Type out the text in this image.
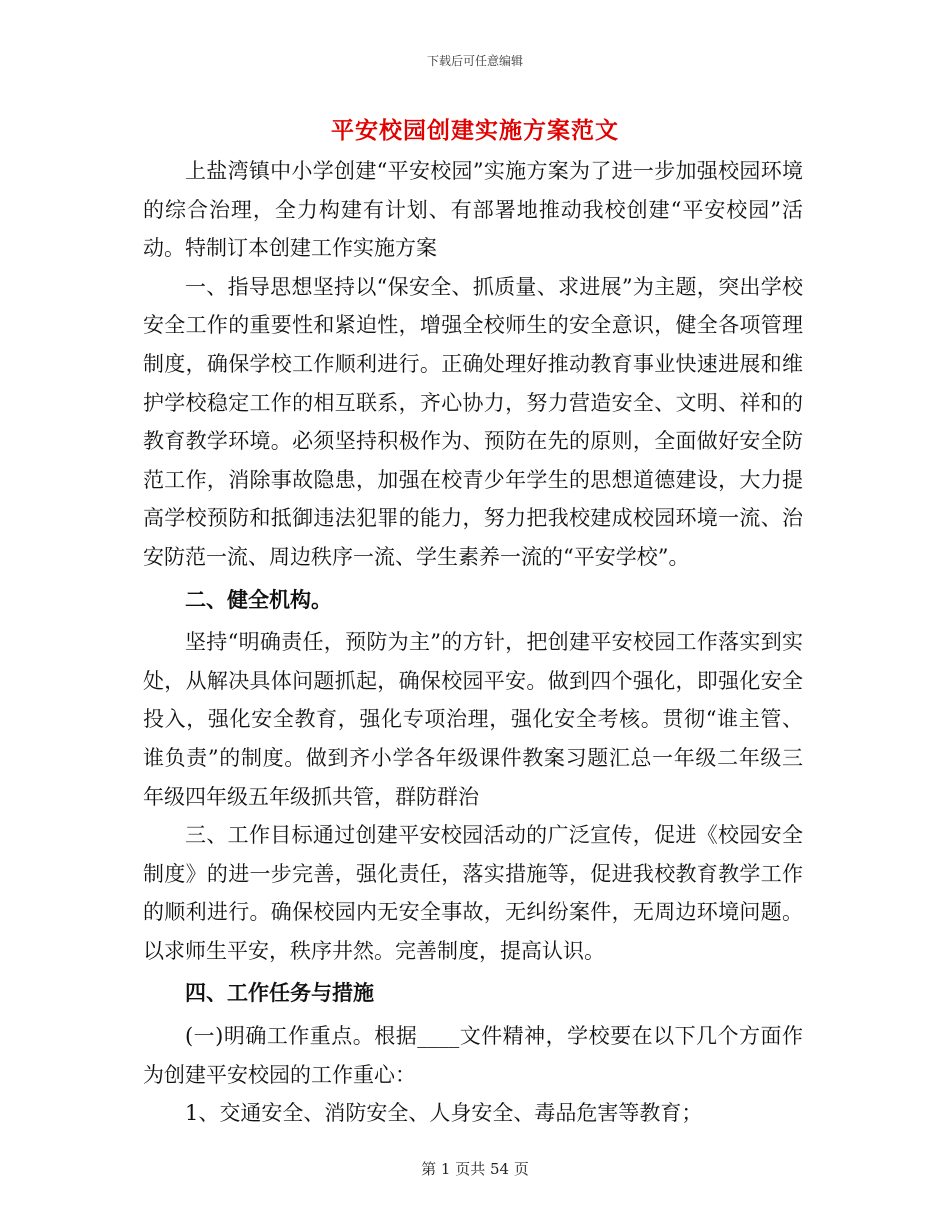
下载后可任意编辑
平安校园创建实施方案范文

上盐湾镇中小学创建“平安校园”实施方案为了进一步加强校园环境的综合治理，全力构建有计划、有部署地推动我校创建“平安校园”活动。特制订本创建工作实施方案

一、指导思想坚持以“保安全、抓质量、求进展”为主题，突出学校安全工作的重要性和紧迫性，增强全校师生的安全意识，健全各项管理制度，确保学校工作顺利进行。正确处理好推动教育事业快速进展和维护学校稳定工作的相互联系，齐心协力，努力营造安全、文明、祥和的教育教学环境。必须坚持积极作为、预防在先的原则，全面做好安全防范工作，消除事故隐患，加强在校青少年学生的思想道德建设，大力提高学校预防和抵御违法犯罪的能力，努力把我校建成校园环境一流、治安防范一流、周边秩序一流、学生素养一流的“平安学校”。

二、健全机构。

坚持“明确责任，预防为主”的方针，把创建平安校园工作落实到实处，从解决具体问题抓起，确保校园平安。做到四个强化，即强化安全投入，强化安全教育，强化专项治理，强化安全考核。贯彻“谁主管、谁负责”的制度。做到齐小学各年级课件教案习题汇总一年级二年级三年级四年级五年级抓共管，群防群治

三、工作目标通过创建平安校园活动的广泛宣传，促进《校园安全制度》的进一步完善，强化责任，落实措施等，促进我校教育教学工作的顺利进行。确保校园内无安全事故，无纠纷案件，无周边环境问题。以求师生平安，秩序井然。完善制度，提高认识。

四、工作任务与措施

(一)明确工作重点。根据____文件精神，学校要在以下几个方面作为创建平安校园的工作重心：

1、交通安全、消防安全、人身安全、毒品危害等教育；

第 1 页共 54 页
